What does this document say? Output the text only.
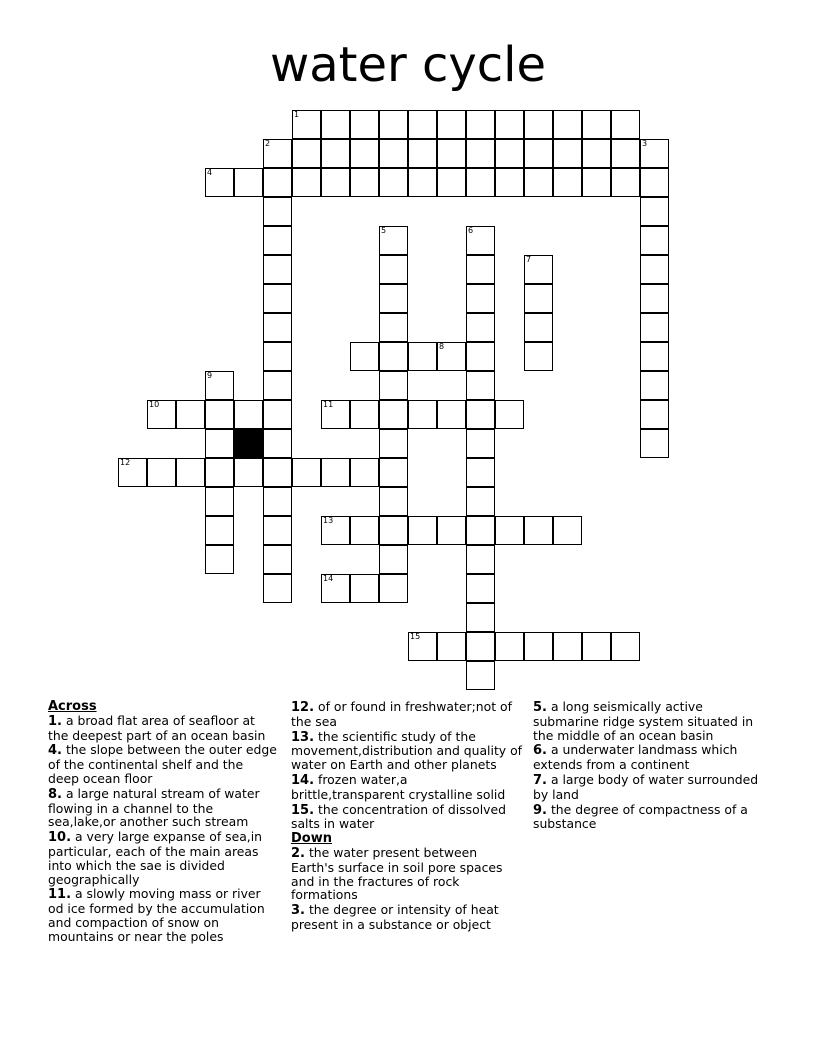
water cycle
1
2	3
4
5	6
7
8
9
10	11
12
13
14
15
Across
1. a broad flat area of seafloor at the deepest part of an ocean basin
4. the slope between the outer edge of the continental shelf and the deep ocean floor
8. a large natural stream of water flowing in a channel to the sea,lake,or another such stream
10. a very large expanse of sea,in particular, each of the main areas into which the sae is divided geographically
11. a slowly moving mass or river od ice formed by the accumulation and compaction of snow on mountains or near the poles
12. of or found in freshwater;not of the sea
13. the scientific study of the movement,distribution and quality of water on Earth and other planets
14. frozen water,a brittle,transparent crystalline solid
15. the concentration of dissolved salts in water
Down
2. the water present between Earth's surface in soil pore spaces and in the fractures of rock formations
3. the degree or intensity of heat present in a substance or object
5. a long seismically active submarine ridge system situated in the middle of an ocean basin
6. a underwater landmass which extends from a continent
7. a large body of water surrounded by land
9. the degree of compactness of a substance
